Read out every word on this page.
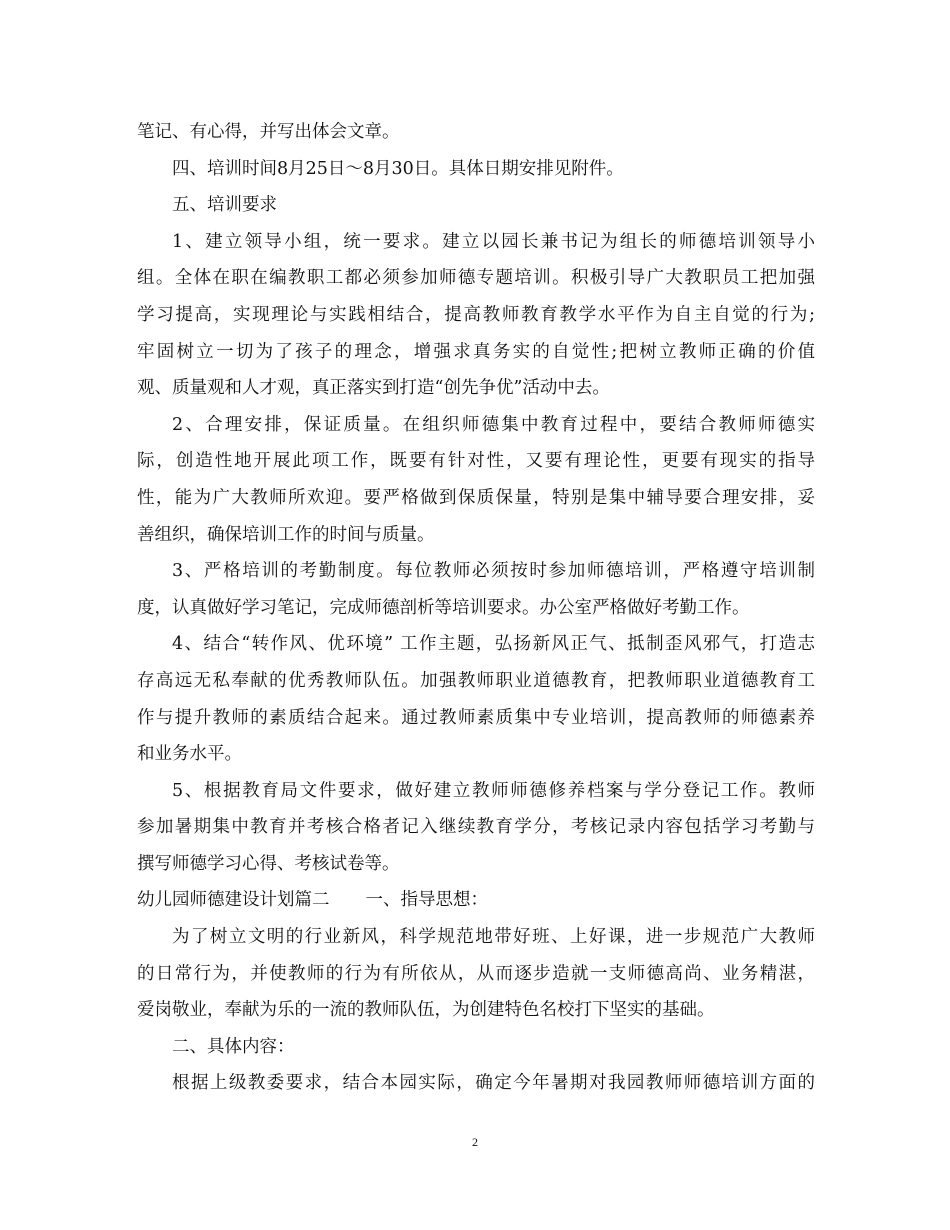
笔记、有心得，并写出体会文章。
四、培训时间8月25日～8月30日。具体日期安排见附件。
五、培训要求
1、建立领导小组，统一要求。建立以园长兼书记为组长的师德培训领导小
组。全体在职在编教职工都必须参加师德专题培训。积极引导广大教职员工把加强
学习提高，实现理论与实践相结合，提高教师教育教学水平作为自主自觉的行为;
牢固树立一切为了孩子的理念，增强求真务实的自觉性;把树立教师正确的价值
观、质量观和人才观，真正落实到打造“创先争优”活动中去。
2、合理安排，保证质量。在组织师德集中教育过程中，要结合教师师德实
际，创造性地开展此项工作，既要有针对性，又要有理论性，更要有现实的指导
性，能为广大教师所欢迎。要严格做到保质保量，特别是集中辅导要合理安排，妥
善组织，确保培训工作的时间与质量。
3、严格培训的考勤制度。每位教师必须按时参加师德培训，严格遵守培训制
度，认真做好学习笔记，完成师德剖析等培训要求。办公室严格做好考勤工作。
4、结合“转作风、优环境” 工作主题，弘扬新风正气、抵制歪风邪气，打造志
存高远无私奉献的优秀教师队伍。加强教师职业道德教育，把教师职业道德教育工
作与提升教师的素质结合起来。通过教师素质集中专业培训，提高教师的师德素养
和业务水平。
5、根据教育局文件要求，做好建立教师师德修养档案与学分登记工作。教师
参加暑期集中教育并考核合格者记入继续教育学分，考核记录内容包括学习考勤与
撰写师德学习心得、考核试卷等。
幼儿园师德建设计划篇二 一、指导思想：
为了树立文明的行业新风，科学规范地带好班、上好课，进一步规范广大教师
的日常行为，并使教师的行为有所依从，从而逐步造就一支师德高尚、业务精湛，
爱岗敬业，奉献为乐的一流的教师队伍，为创建特色名校打下坚实的基础。
二、具体内容：
根据上级教委要求，结合本园实际，确定今年暑期对我园教师师德培训方面的
2
